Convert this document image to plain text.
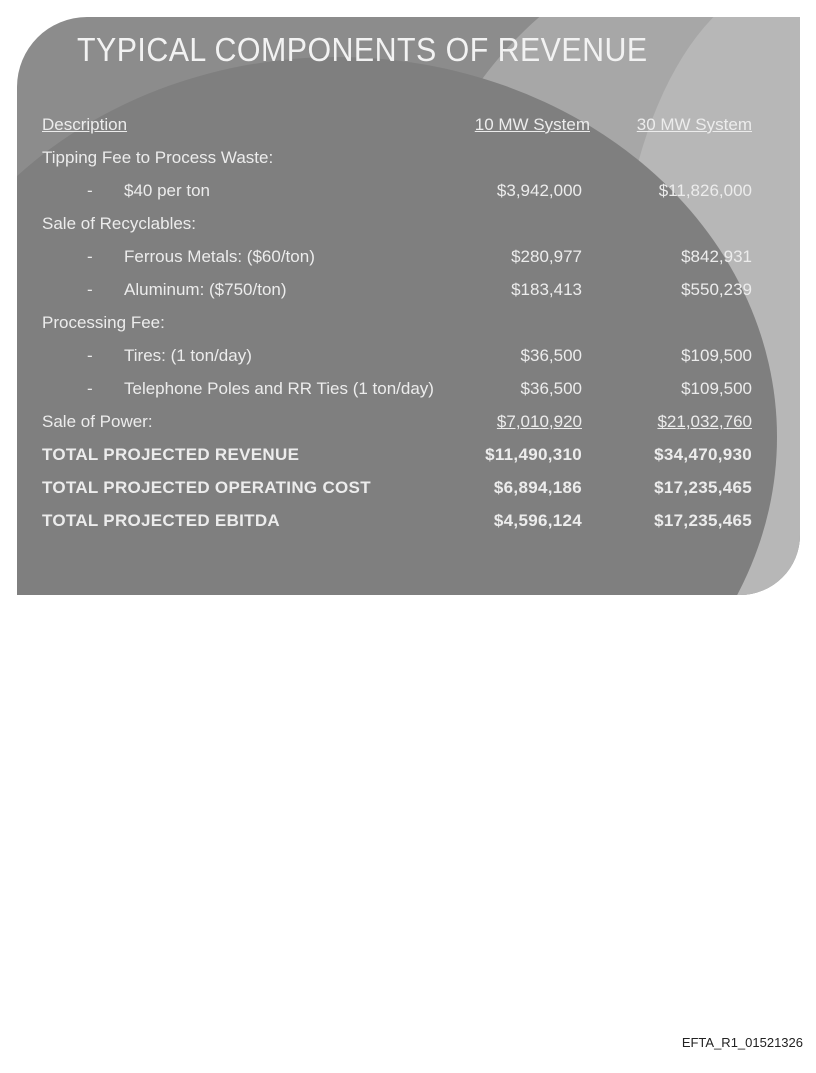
TYPICAL COMPONENTS OF REVENUE
Description	10 MW System	30 MW System
Tipping Fee to Process Waste:
- $40 per ton	$3,942,000	$11,826,000
Sale of Recyclables:
- Ferrous Metals: ($60/ton)	$280,977	$842,931
- Aluminum: ($750/ton)	$183,413	$550,239
Processing Fee:
- Tires: (1 ton/day)	$36,500	$109,500
- Telephone Poles and RR Ties (1 ton/day)	$36,500	$109,500
Sale of Power:	$7,010,920	$21,032,760
TOTAL PROJECTED REVENUE	$11,490,310	$34,470,930
TOTAL PROJECTED OPERATING COST	$6,894,186	$17,235,465
TOTAL PROJECTED EBITDA	$4,596,124	$17,235,465
EFTA_R1_01521326
